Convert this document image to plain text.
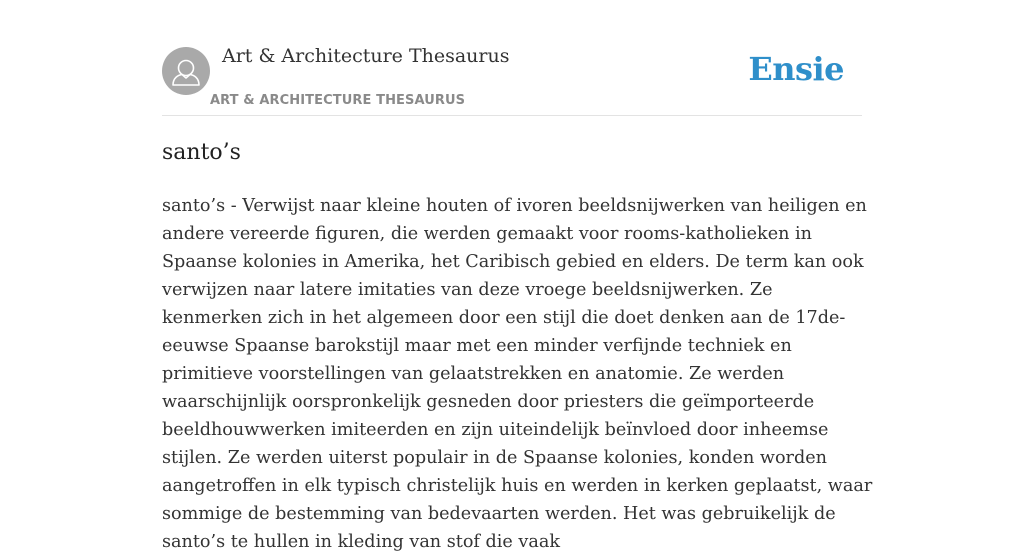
Art & Architecture Thesaurus
ART & ARCHITECTURE THESAURUS
Ensie
santo’s

santo’s - Verwijst naar kleine houten of ivoren beeldsnijwerken van heiligen en andere vereerde figuren, die werden gemaakt voor rooms-katholieken in Spaanse kolonies in Amerika, het Caribisch gebied en elders. De term kan ook verwijzen naar latere imitaties van deze vroege beeldsnijwerken. Ze kenmerken zich in het algemeen door een stijl die doet denken aan de 17de-eeuwse Spaanse barokstijl maar met een minder verfijnde techniek en primitieve voorstellingen van gelaatstrekken en anatomie. Ze werden waarschijnlijk oorspronkelijk gesneden door priesters die geïmporteerde beeldhouwwerken imiteerden en zijn uiteindelijk beïnvloed door inheemse stijlen. Ze werden uiterst populair in de Spaanse kolonies, konden worden aangetroffen in elk typisch christelijk huis en werden in kerken geplaatst, waar sommige de bestemming van bedevaarten werden. Het was gebruikelijk de santo’s te hullen in kleding van stof die vaak
